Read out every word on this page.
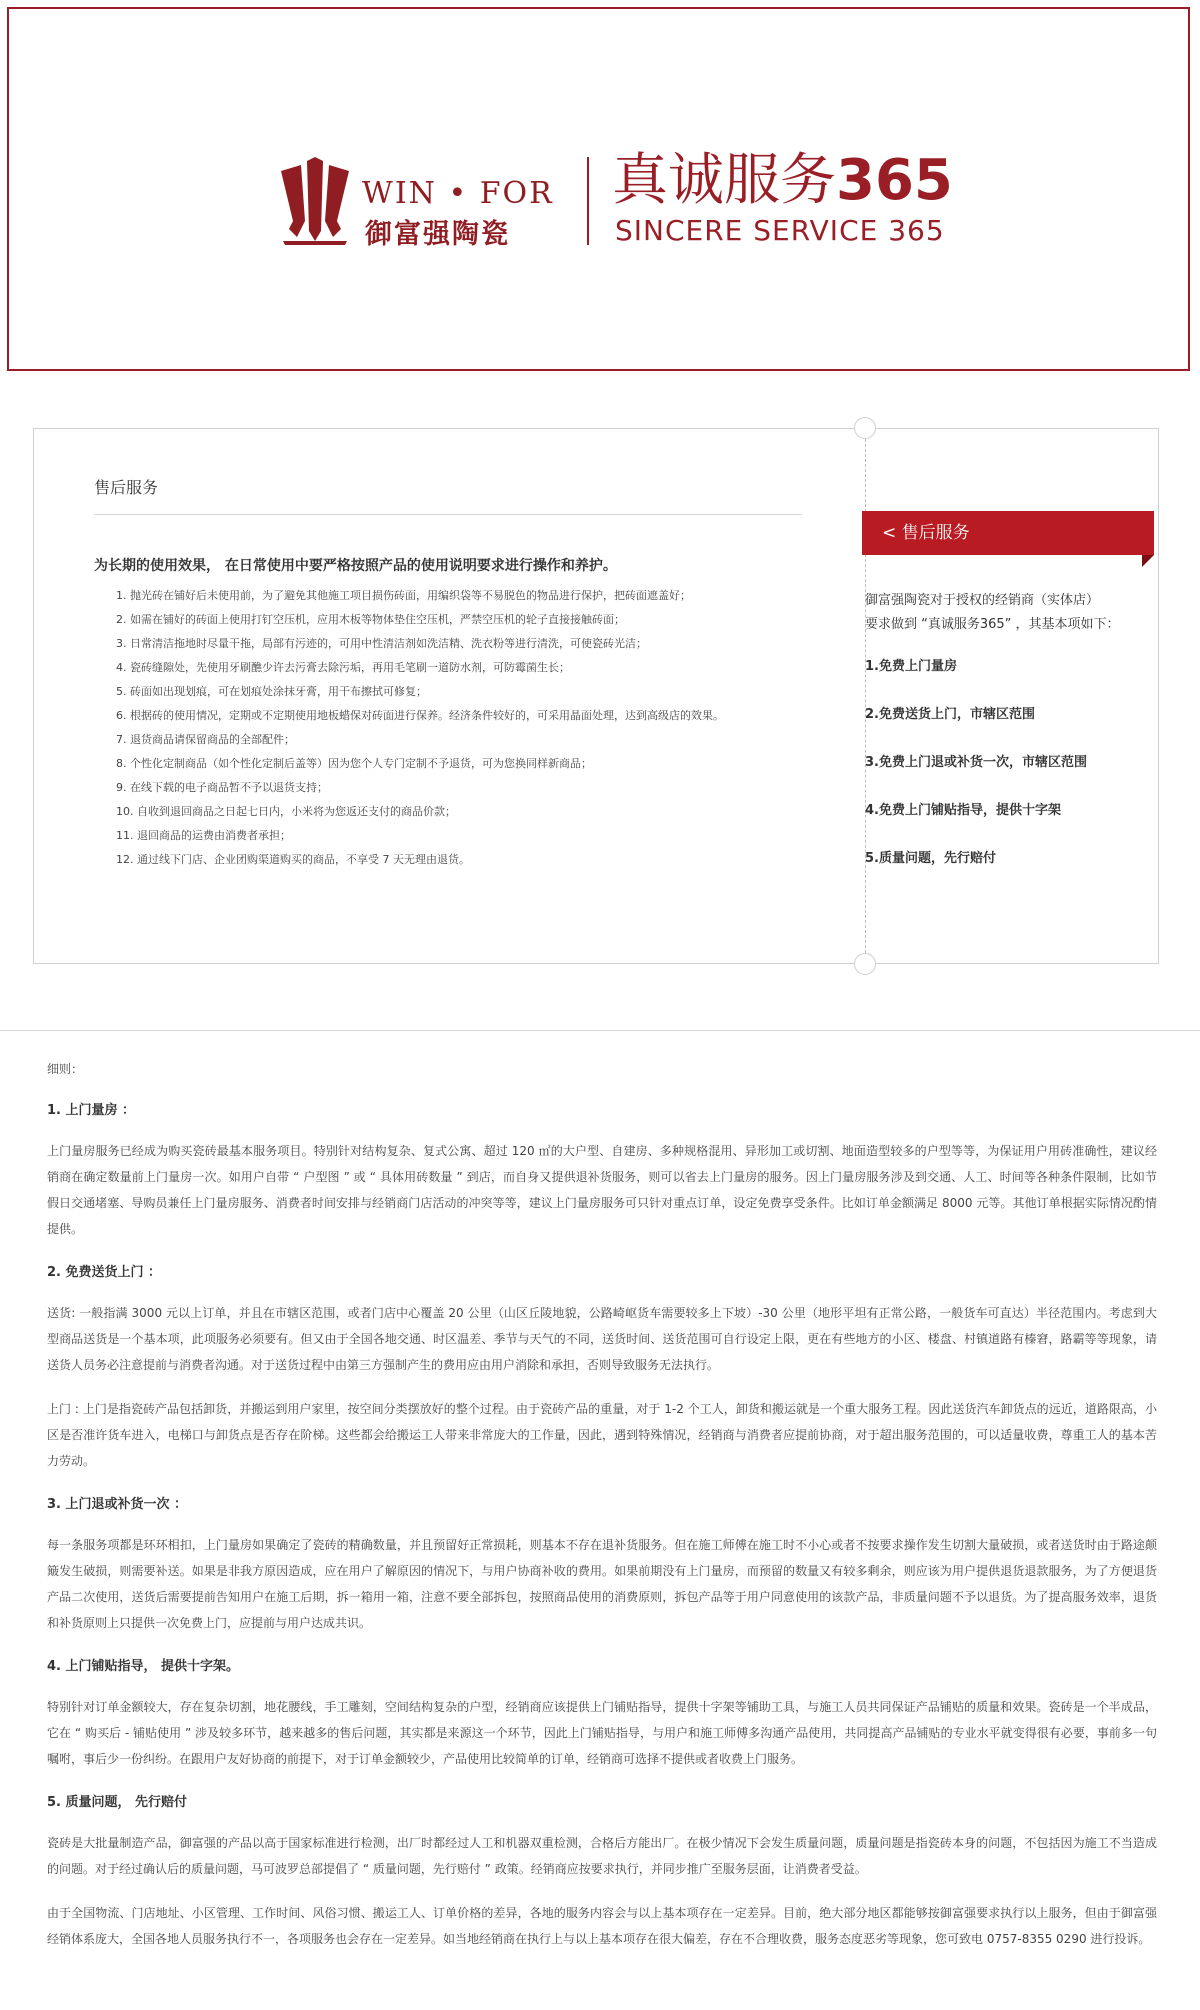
WIN • FOR
御富强陶瓷
真诚服务365
SINCERE SERVICE 365
售后服务
为长期的使用效果， 在日常使用中要严格按照产品的使用说明要求进行操作和养护。
1. 抛光砖在铺好后未使用前，为了避免其他施工项目损伤砖面，用编织袋等不易脱色的物品进行保护，把砖面遮盖好；
2. 如需在铺好的砖面上使用打钉空压机，应用木板等物体垫住空压机，严禁空压机的轮子直接接触砖面；
3. 日常清洁拖地时尽量干拖，局部有污迹的，可用中性清洁剂如洗洁精、洗衣粉等进行清洗，可使瓷砖光洁；
4. 瓷砖缝隙处，先使用牙刷醮少许去污膏去除污垢，再用毛笔刷一道防水剂，可防霉菌生长；
5. 砖面如出现划痕，可在划痕处涂抹牙膏，用干布擦拭可修复；
6. 根据砖的使用情况，定期或不定期使用地板蜡保对砖面进行保养。经济条件较好的，可采用晶面处理，达到高级店的效果。
7. 退货商品请保留商品的全部配件；
8. 个性化定制商品（如个性化定制后盖等）因为您个人专门定制不予退货，可为您换同样新商品；
9. 在线下载的电子商品暂不予以退货支持；
10. 自收到退回商品之日起七日内，小米将为您返还支付的商品价款；
11. 退回商品的运费由消费者承担；
12. 通过线下门店、企业团购渠道购买的商品，不享受 7 天无理由退货。
< 售后服务
御富强陶瓷对于授权的经销商（实体店）
要求做到 “真诚服务365” ，其基本项如下：
1.免费上门量房
2.免费送货上门，市辖区范围
3.免费上门退或补货一次，市辖区范围
4.免费上门铺贴指导，提供十字架
5.质量问题，先行赔付
细则：
1. 上门量房 ：

上门量房服务已经成为购买瓷砖最基本服务项目。特别针对结构复杂、复式公寓、超过 120 ㎡的大户型、自建房、多种规格混用、异形加工或切割、地面造型较多的户型等等，为保证用户用砖准确性，建议经销商在确定数量前上门量房一次。如用户自带 “ 户型图 ” 或 “ 具体用砖数量 ” 到店，而自身又提供退补货服务，则可以省去上门量房的服务。因上门量房服务涉及到交通、人工、时间等各种条件限制，比如节假日交通堵塞、导购员兼任上门量房服务、消费者时间安排与经销商门店活动的冲突等等，建议上门量房服务可只针对重点订单，设定免费享受条件。比如订单金额满足 8000 元等。其他订单根据实际情况酌情提供。

2. 免费送货上门 ：

送货: 一般指满 3000 元以上订单，并且在市辖区范围，或者门店中心覆盖 20 公里（山区丘陵地貌，公路崎岖货车需要较多上下坡）-30 公里（地形平坦有正常公路，一般货车可直达）半径范围内。考虑到大型商品送货是一个基本项，此项服务必须要有。但又由于全国各地交通、时区温差、季节与天气的不同，送货时间、送货范围可自行设定上限，更在有些地方的小区、楼盘、村镇道路有榛窘，路霸等等现象，请送货人员务必注意提前与消费者沟通。对于送货过程中由第三方强制产生的费用应由用户消除和承担，否则导致服务无法执行。

上门 : 上门是指瓷砖产品包括卸货，并搬运到用户家里，按空间分类摆放好的整个过程。由于瓷砖产品的重量，对于 1-2 个工人，卸货和搬运就是一个重大服务工程。因此送货汽车卸货点的远近，道路限高，小区是否准许货车进入，电梯口与卸货点是否存在阶梯。这些都会给搬运工人带来非常庞大的工作量，因此，遇到特殊情况，经销商与消费者应提前协商，对于超出服务范围的，可以适量收费，尊重工人的基本苦力劳动。

3. 上门退或补货一次 ：

每一条服务项都是环环相扣，上门量房如果确定了瓷砖的精确数量，并且预留好正常损耗，则基本不存在退补货服务。但在施工师傅在施工时不小心或者不按要求操作发生切割大量破损，或者送货时由于路途颠簸发生破损，则需要补送。如果是非我方原因造成，应在用户了解原因的情况下，与用户协商补收的费用。如果前期没有上门量房，而预留的数量又有较多剩余，则应该为用户提供退货退款服务，为了方便退货产品二次使用，送货后需要提前告知用户在施工后期，拆一箱用一箱，注意不要全部拆包，按照商品使用的消费原则，拆包产品等于用户同意使用的该款产品，非质量问题不予以退货。为了提高服务效率，退货和补货原则上只提供一次免费上门，应提前与用户达成共识。

4. 上门铺贴指导， 提供十字架。

特别针对订单金额较大，存在复杂切割，地花腰线，手工雕刻，空间结构复杂的户型，经销商应该提供上门铺贴指导，提供十字架等铺助工具，与施工人员共同保证产品铺贴的质量和效果。瓷砖是一个半成品，它在 “ 购买后 - 铺贴使用 ” 涉及较多环节，越来越多的售后问题，其实都是来源这一个环节，因此上门铺贴指导，与用户和施工师傅多沟通产品使用，共同提高产品铺贴的专业水平就变得很有必要，事前多一句嘱咐，事后少一份纠纷。在跟用户友好协商的前提下，对于订单金额较少，产品使用比较简单的订单，经销商可选择不提供或者收费上门服务。

5. 质量问题， 先行赔付

瓷砖是大批量制造产品，御富强的产品以高于国家标准进行检测，出厂时都经过人工和机器双重检测，合格后方能出厂。在极少情况下会发生质量问题，质量问题是指瓷砖本身的问题，不包括因为施工不当造成的问题。对于经过确认后的质量问题，马可波罗总部提倡了 “ 质量问题，先行赔付 ” 政策。经销商应按要求执行，并同步推广至服务层面，让消费者受益。

由于全国物流、门店地址、小区管理、工作时间、风俗习惯、搬运工人、订单价格的差异，各地的服务内容会与以上基本项存在一定差异。目前，绝大部分地区都能够按御富强要求执行以上服务，但由于御富强经销体系庞大，全国各地人员服务执行不一，各项服务也会存在一定差异。如当地经销商在执行上与以上基本项存在很大偏差，存在不合理收费，服务态度恶劣等现象，您可致电 0757-8355 0290 进行投诉。
